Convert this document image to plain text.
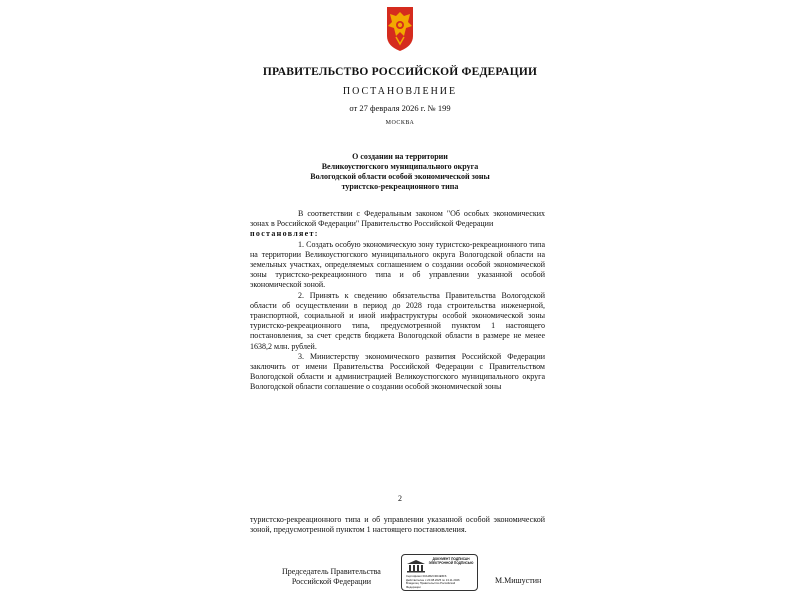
ПРАВИТЕЛЬСТВО РОССИЙСКОЙ ФЕДЕРАЦИИ
ПОСТАНОВЛЕНИЕ
от 27 февраля 2026 г. № 199
МОСКВА
О создании на территории
Великоустюгского муниципального округа
Вологодской области особой экономической зоны
туристско-рекреационного типа

В соответствии с Федеральным законом "Об особых экономических зонах в Российской Федерации" Правительство Российской Федерации

постановляет:

1. Создать особую экономическую зону туристско-рекреационного типа на территории Великоустюгского муниципального округа Вологодской области на земельных участках, определяемых соглашением о создании особой экономической зоны туристско-рекреационного типа и об управлении указанной особой экономической зоной.

2. Принять к сведению обязательства Правительства Вологодской области об осуществлении в период до 2028 года строительства инженерной, транспортной, социальной и иной инфраструктуры особой экономической зоны туристско-рекреационного типа, предусмотренной пунктом 1 настоящего постановления, за счет средств бюджета Вологодской области в размере не менее 1638,2 млн. рублей.

3. Министерству экономического развития Российской Федерации заключить от имени Правительства Российской Федерации с Правительством Вологодской области и администрацией Великоустюгского муниципального округа Вологодской области соглашение о создании особой экономической зоны

2

туристско-рекреационного типа и об управлении указанной особой экономической зоной, предусмотренной пунктом 1 настоящего постановления.

Председатель Правительства
Российской Федерации
ДОКУМЕНТ ПОДПИСАН ЭЛЕКТРОННОЙ ПОДПИСЬЮ
Сертификат 00A1B2C3D4E5F6
Действителен с 20.08.2025 по 13.11.2026
Владелец Правительство Российской
Федерации
М.Мишустин
